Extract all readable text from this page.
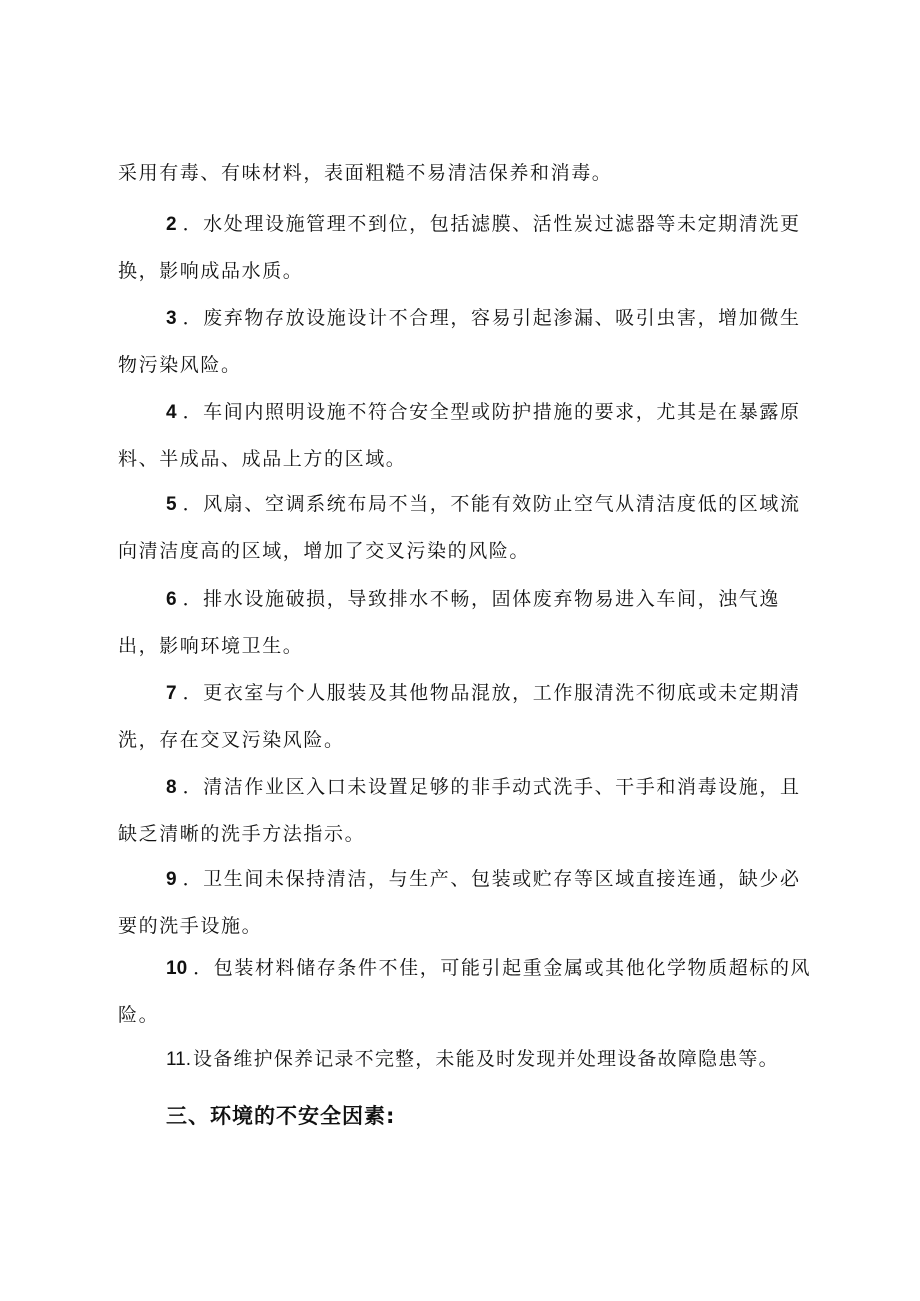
采用有毒、有味材料，表面粗糙不易清洁保养和消毒。

2 ．水处理设施管理不到位，包括滤膜、活性炭过滤器等未定期清洗更换，影响成品水质。

3 ．废弃物存放设施设计不合理，容易引起渗漏、吸引虫害，增加微生物污染风险。

4 ．车间内照明设施不符合安全型或防护措施的要求，尤其是在暴露原料、半成品、成品上方的区域。

5 ．风扇、空调系统布局不当，不能有效防止空气从清洁度低的区域流向清洁度高的区域，增加了交叉污染的风险。

6 ．排水设施破损，导致排水不畅，固体废弃物易进入车间，浊气逸出，影响环境卫生。

7 ．更衣室与个人服装及其他物品混放，工作服清洗不彻底或未定期清洗，存在交叉污染风险。

8 ．清洁作业区入口未设置足够的非手动式洗手、干手和消毒设施，且缺乏清晰的洗手方法指示。

9 ．卫生间未保持清洁，与生产、包装或贮存等区域直接连通，缺少必要的洗手设施。

10 ．包装材料储存条件不佳，可能引起重金属或其他化学物质超标的风险。

11. 设备维护保养记录不完整，未能及时发现并处理设备故障隐患等。

三、环境的不安全因素:
